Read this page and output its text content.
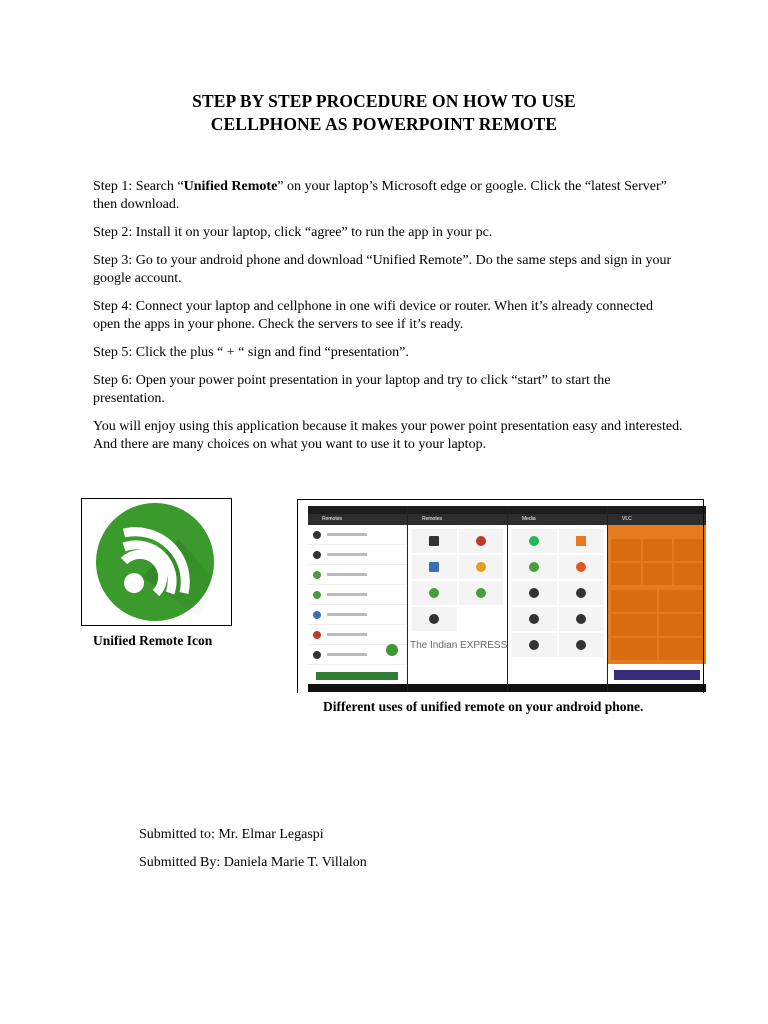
STEP BY STEP PROCEDURE ON HOW TO USE
CELLPHONE AS POWERPOINT REMOTE

Step 1: Search “Unified Remote” on your laptop’s Microsoft edge or google. Click the “latest Server” then download.

Step 2: Install it on your laptop, click “agree” to run the app in your pc.

Step 3: Go to your android phone and download “Unified Remote”. Do the same steps and sign in your google account.

Step 4: Connect your laptop and cellphone in one wifi device or router. When it’s already connected open the apps in your phone. Check the servers to see if it’s ready.

Step 5: Click the plus “ + “ sign and find “presentation”.

Step 6: Open your power point presentation in your laptop and try to click “start” to start the presentation.

You will enjoy using this application because it makes your power point presentation easy and interested. And there are many choices on what you want to use it to your laptop.

Unified Remote Icon
Remotes	Remotes	Media	VLC
The Indian EXPRESS
Different uses of unified remote on your android phone.
Submitted to: Mr. Elmar Legaspi
Submitted By: Daniela Marie T. Villalon
